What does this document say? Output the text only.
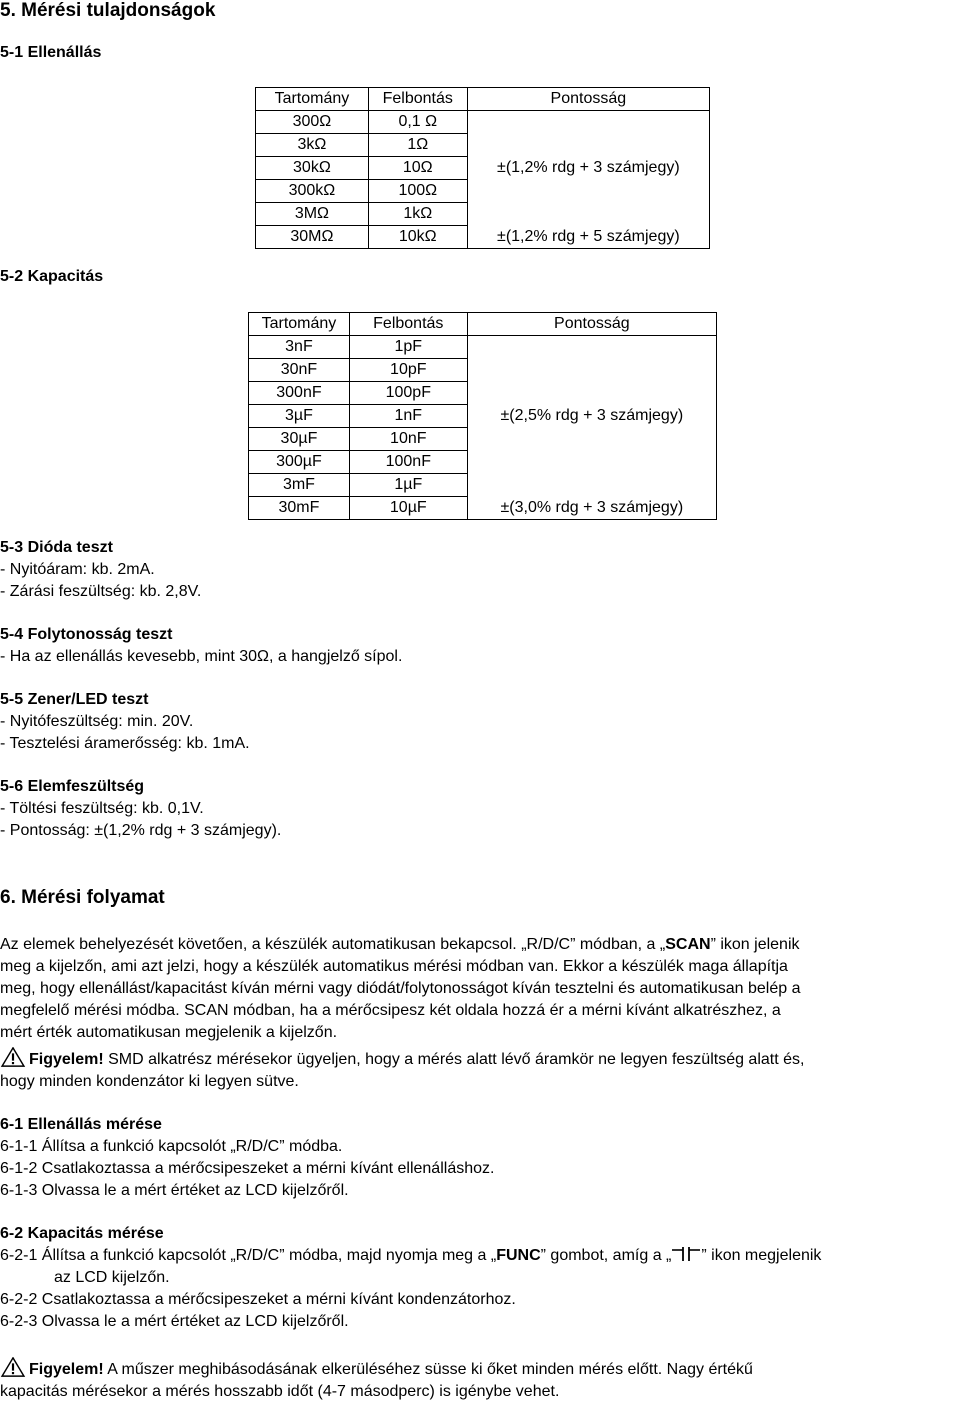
5. Mérési tulajdonságok
5-1 Ellenállás
Tartomány	Felbontás	Pontosság
300Ω	0,1 Ω	±(1,2% rdg + 3 számjegy)
3kΩ	1Ω	
30kΩ	10Ω	
300kΩ	100Ω	
3MΩ	1kΩ	
30MΩ	10kΩ	±(1,2% rdg + 5 számjegy)
5-2 Kapacitás
Tartomány	Felbontás	Pontosság
3nF	1pF	±(2,5% rdg + 3 számjegy)
30nF	10pF	
300nF	100pF	
3µF	1nF	
30µF	10nF	
300µF	100nF	
3mF	1µF	
30mF	10µF	±(3,0% rdg + 3 számjegy)
5-3 Dióda teszt
- Nyitóáram: kb. 2mA.
- Zárási feszültség: kb. 2,8V.
5-4 Folytonosság teszt
- Ha az ellenállás kevesebb, mint 30Ω, a hangjelző sípol.
5-5 Zener/LED teszt
- Nyitófeszültség: min. 20V.
- Tesztelési áramerősség: kb. 1mA.
5-6 Elemfeszültség
- Töltési feszültség: kb. 0,1V.
- Pontosság: ±(1,2% rdg + 3 számjegy).
6. Mérési folyamat
Az elemek behelyezését követően, a készülék automatikusan bekapcsol. „R/D/C” módban, a „SCAN” ikon jelenik
meg a kijelzőn, ami azt jelzi, hogy a készülék automatikus mérési módban van. Ekkor a készülék maga állapítja
meg, hogy ellenállást/kapacitást kíván mérni vagy diódát/folytonosságot kíván tesztelni és automatikusan belép a
megfelelő mérési módba. SCAN módban, ha a mérőcsipesz két oldala hozzá ér a mérni kívánt alkatrészhez, a
mért érték automatikusan megjelenik a kijelzőn.
Figyelem! SMD alkatrész mérésekor ügyeljen, hogy a mérés alatt lévő áramkör ne legyen feszültség alatt és,
hogy minden kondenzátor ki legyen sütve.
6-1 Ellenállás mérése
6-1-1 Állítsa a funkció kapcsolót „R/D/C” módba.
6-1-2 Csatlakoztassa a mérőcsipeszeket a mérni kívánt ellenálláshoz.
6-1-3 Olvassa le a mért értéket az LCD kijelzőről.
6-2 Kapacitás mérése
6-2-1 Állítsa a funkció kapcsolót „R/D/C” módba, majd nyomja meg a „FUNC” gombot, amíg a „ ” ikon megjelenik
az LCD kijelzőn.
6-2-2 Csatlakoztassa a mérőcsipeszeket a mérni kívánt kondenzátorhoz.
6-2-3 Olvassa le a mért értéket az LCD kijelzőről.
Figyelem! A műszer meghibásodásának elkerüléséhez süsse ki őket minden mérés előtt. Nagy értékű
kapacitás mérésekor a mérés hosszabb időt (4-7 másodperc) is igénybe vehet.
